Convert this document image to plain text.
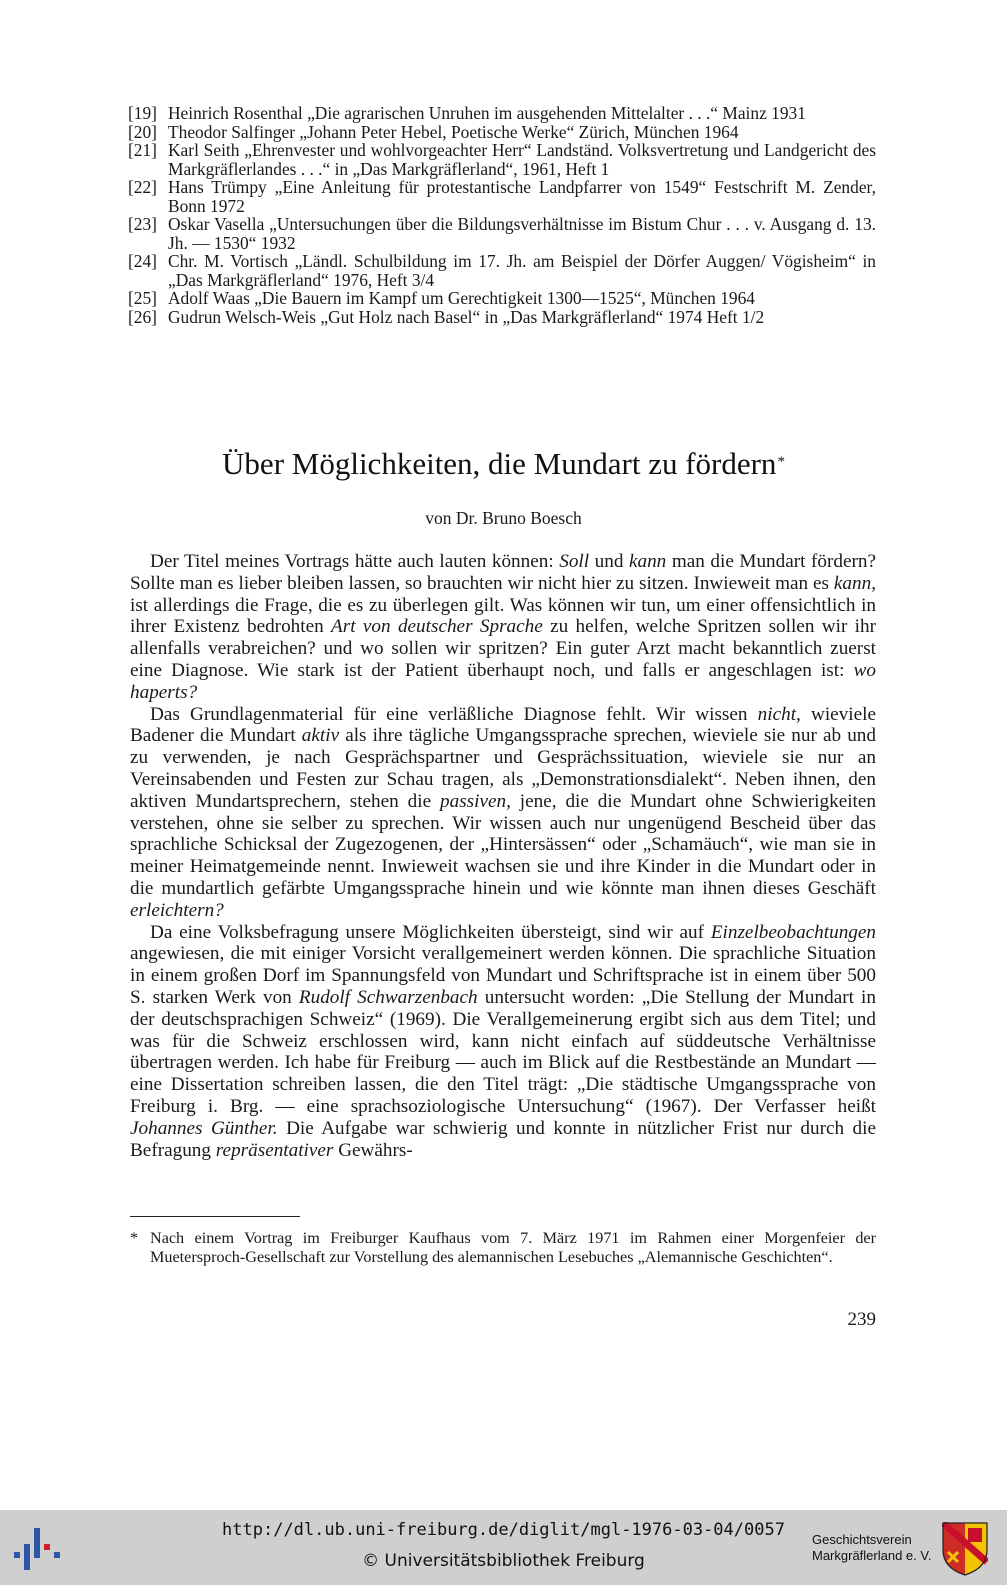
[19] Heinrich Rosenthal „Die agrarischen Unruhen im ausgehenden Mittelalter . . .“ Mainz 1931

[20] Theodor Salfinger „Johann Peter Hebel, Poetische Werke“ Zürich, München 1964

[21] Karl Seith „Ehrenvester und wohlvorgeachter Herr“ Landständ. Volksvertretung und Landgericht des Markgräflerlandes . . .“ in „Das Markgräflerland“, 1961, Heft 1

[22] Hans Trümpy „Eine Anleitung für protestantische Landpfarrer von 1549“ Festschrift M. Zender, Bonn 1972

[23] Oskar Vasella „Untersuchungen über die Bildungsverhältnisse im Bistum Chur . . . v. Ausgang d. 13. Jh. — 1530“ 1932

[24] Chr. M. Vortisch „Ländl. Schulbildung im 17. Jh. am Beispiel der Dörfer Auggen/ Vögisheim“ in „Das Markgräflerland“ 1976, Heft 3/4

[25] Adolf Waas „Die Bauern im Kampf um Gerechtigkeit 1300—1525“, München 1964

[26] Gudrun Welsch-Weis „Gut Holz nach Basel“ in „Das Markgräflerland“ 1974 Heft 1/2

Über Möglichkeiten, die Mundart zu fördern*
von Dr. Bruno Boesch

Der Titel meines Vortrags hätte auch lauten können: Soll und kann man die Mundart fördern? Sollte man es lieber bleiben lassen, so brauchten wir nicht hier zu sitzen. Inwieweit man es kann, ist allerdings die Frage, die es zu überlegen gilt. Was können wir tun, um einer offensichtlich in ihrer Existenz bedrohten Art von deutscher Sprache zu helfen, welche Spritzen sollen wir ihr allenfalls verabreichen? und wo sollen wir spritzen? Ein guter Arzt macht bekanntlich zuerst eine Diagnose. Wie stark ist der Patient überhaupt noch, und falls er angeschlagen ist: wo haperts?

Das Grundlagenmaterial für eine verläßliche Diagnose fehlt. Wir wissen nicht, wieviele Badener die Mundart aktiv als ihre tägliche Umgangssprache sprechen, wieviele sie nur ab und zu verwenden, je nach Gesprächspartner und Gesprächssituation, wieviele sie nur an Vereinsabenden und Festen zur Schau tragen, als „Demonstrationsdialekt“. Neben ihnen, den aktiven Mundartsprechern, stehen die passiven, jene, die die Mundart ohne Schwierigkeiten verstehen, ohne sie selber zu sprechen. Wir wissen auch nur ungenügend Bescheid über das sprachliche Schicksal der Zugezogenen, der „Hintersässen“ oder „Schamäuch“, wie man sie in meiner Heimatgemeinde nennt. Inwieweit wachsen sie und ihre Kinder in die Mundart oder in die mundartlich gefärbte Umgangssprache hinein und wie könnte man ihnen dieses Geschäft erleichtern?

Da eine Volksbefragung unsere Möglichkeiten übersteigt, sind wir auf Einzelbeobachtungen angewiesen, die mit einiger Vorsicht verallgemeinert werden können. Die sprachliche Situation in einem großen Dorf im Spannungsfeld von Mundart und Schriftsprache ist in einem über 500 S. starken Werk von Rudolf Schwarzenbach untersucht worden: „Die Stellung der Mundart in der deutschsprachigen Schweiz“ (1969). Die Verallgemeinerung ergibt sich aus dem Titel; und was für die Schweiz erschlossen wird, kann nicht einfach auf süddeutsche Verhältnisse übertragen werden. Ich habe für Freiburg — auch im Blick auf die Restbestände an Mundart — eine Dissertation schreiben lassen, die den Titel trägt: „Die städtische Umgangssprache von Freiburg i. Brg. — eine sprachsoziologische Untersuchung“ (1967). Der Verfasser heißt Johannes Günther. Die Aufgabe war schwierig und konnte in nützlicher Frist nur durch die Befragung repräsentativer Gewährs-

* Nach einem Vortrag im Freiburger Kaufhaus vom 7. März 1971 im Rahmen einer Morgenfeier der Muetersproch-Gesellschaft zur Vorstellung des alemannischen Lesebuches „Alemannische Geschichten“.

239
http://dl.ub.uni-freiburg.de/diglit/mgl-1976-03-04/0057
© Universitätsbibliothek Freiburg
Geschichtsverein
Markgräflerland e. V.
